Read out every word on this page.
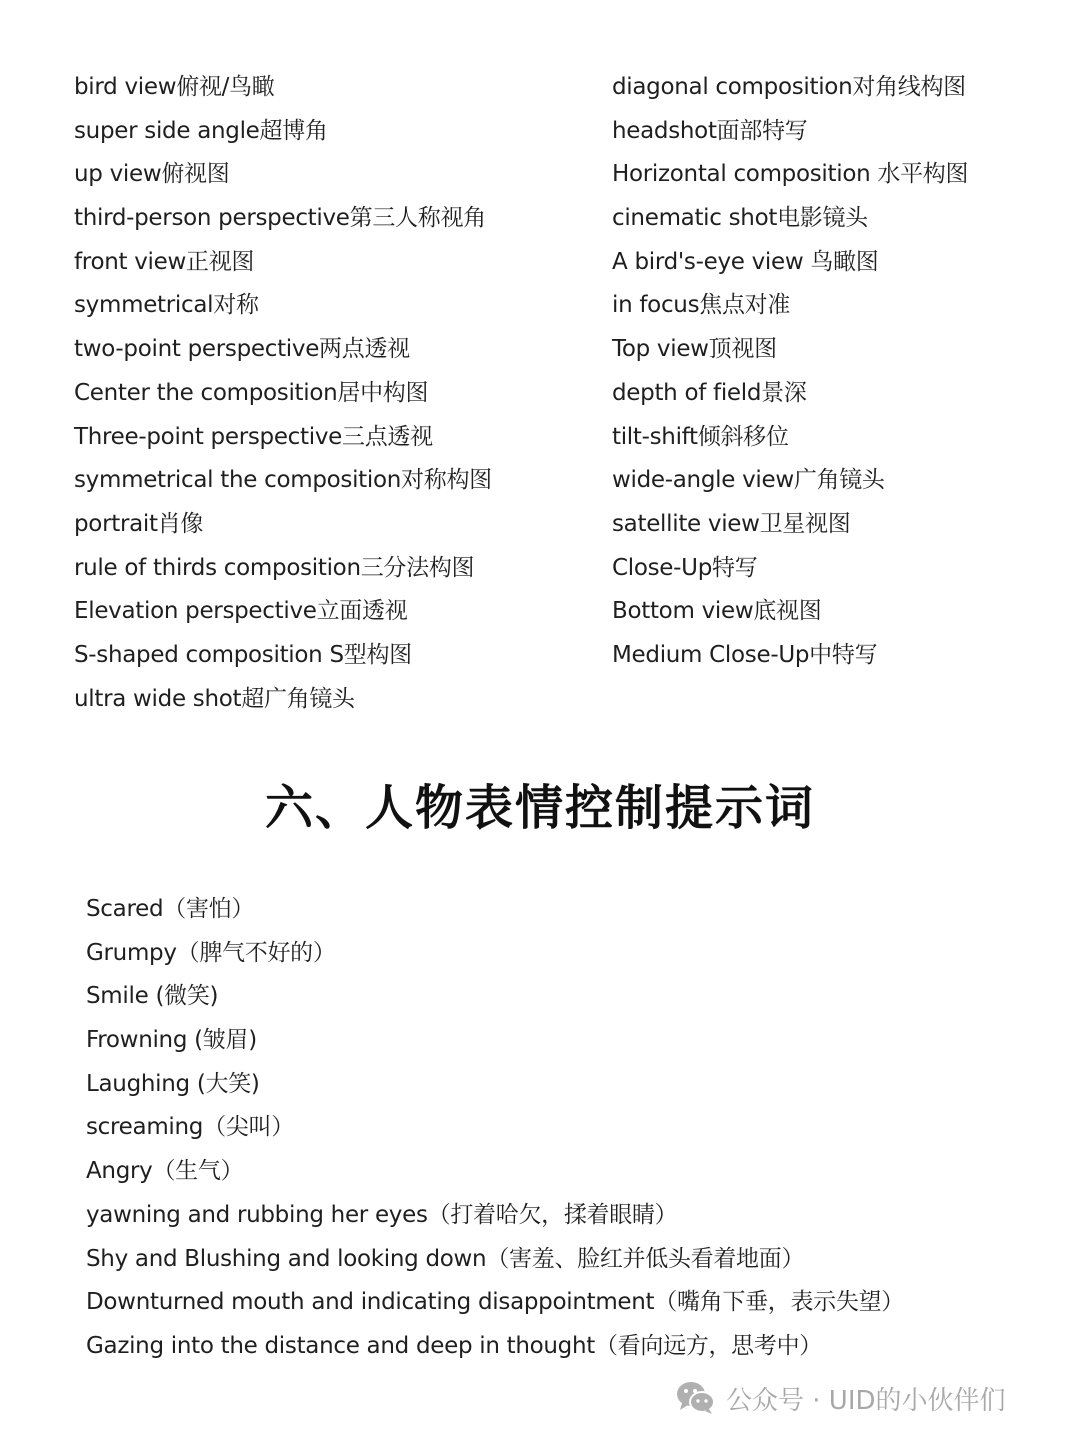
bird view俯视/鸟瞰
super side angle超博角
up view俯视图
third-person perspective第三人称视角
front view正视图
symmetrical对称
two-point perspective两点透视
Center the composition居中构图
Three-point perspective三点透视
symmetrical the composition对称构图
portrait肖像
rule of thirds composition三分法构图
Elevation perspective立面透视
S-shaped composition S型构图
ultra wide shot超广角镜头
diagonal composition对角线构图
headshot面部特写
Horizontal composition 水平构图
cinematic shot电影镜头
A bird's-eye view 鸟瞰图
in focus焦点对准
Top view顶视图
depth of field景深
tilt-shift倾斜移位
wide-angle view广角镜头
satellite view卫星视图
Close-Up特写
Bottom view底视图
Medium Close-Up中特写
六、人物表情控制提示词
Scared（害怕）
Grumpy（脾气不好的）
Smile (微笑)
Frowning (皱眉)
Laughing (大笑)
screaming（尖叫）
Angry（生气）
yawning and rubbing her eyes（打着哈欠，揉着眼睛）
Shy and Blushing and looking down（害羞、脸红并低头看着地面）
Downturned mouth and indicating disappointment（嘴角下垂，表示失望）
Gazing into the distance and deep in thought（看向远方，思考中）
公众号 · UID的小伙伴们
